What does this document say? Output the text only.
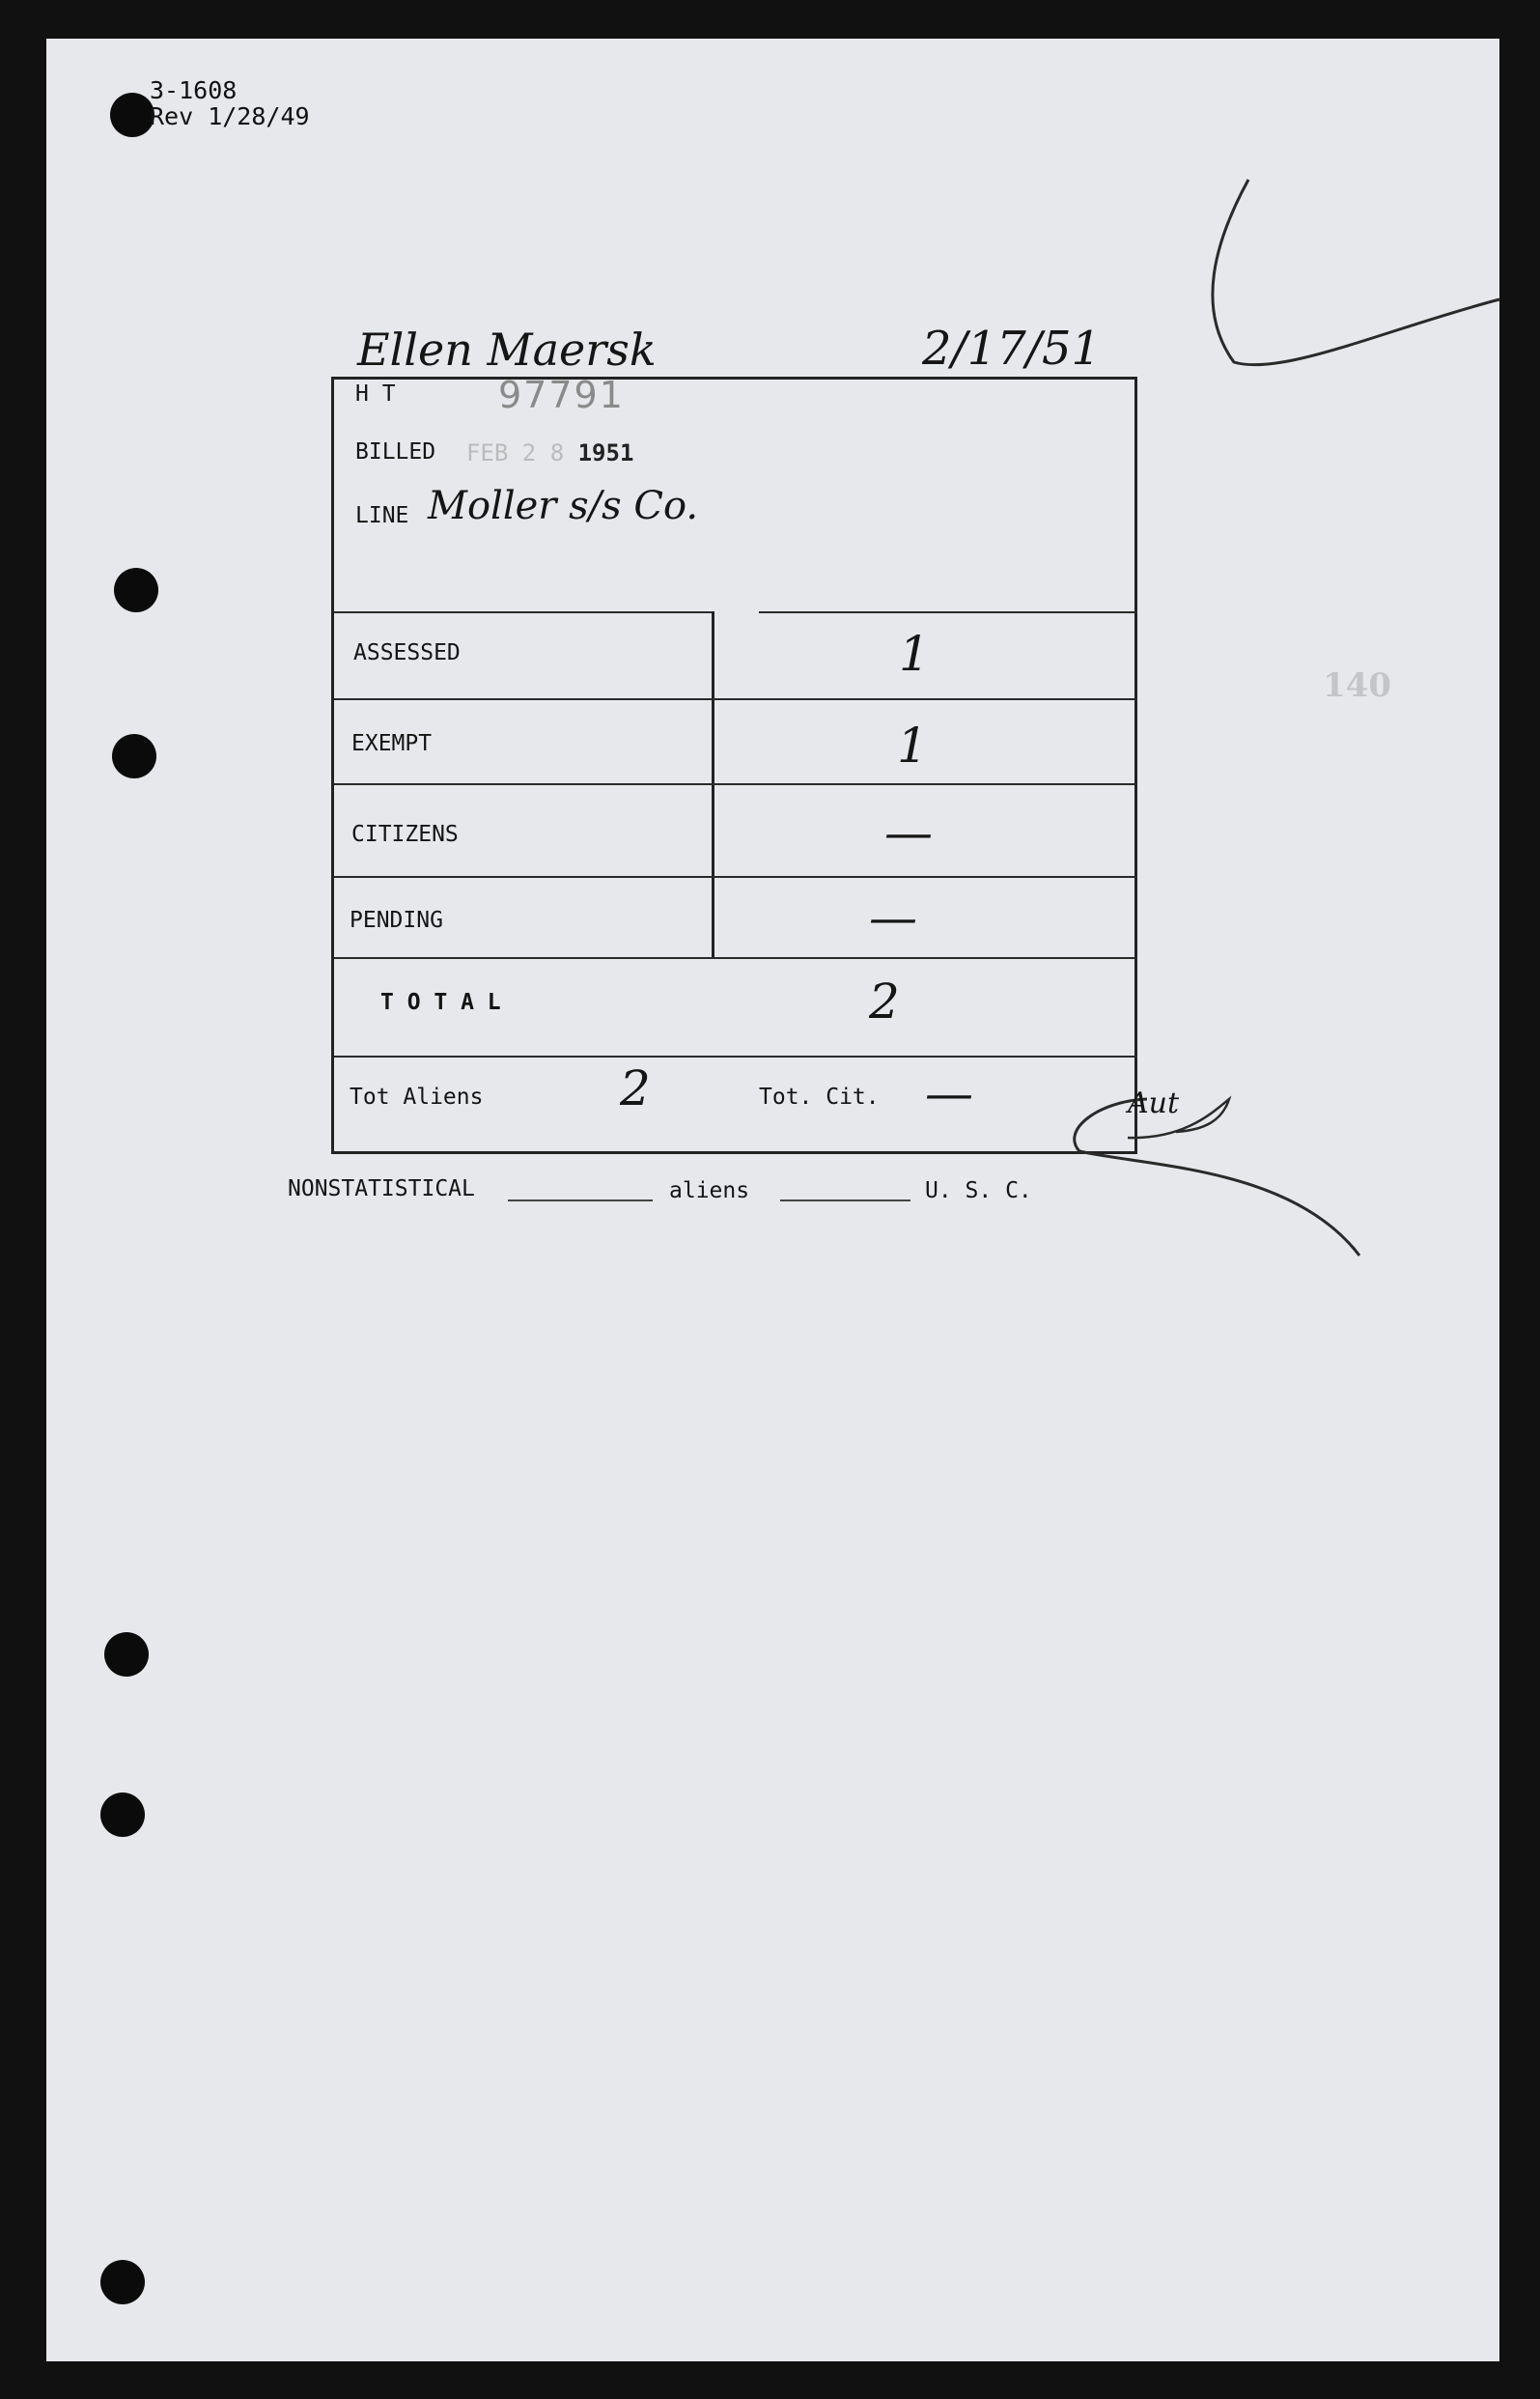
3-1608
Rev 1/28/49
Ellen Maersk	2/17/51
140
H T	97791
BILLED FEB 2 8 1951
LINE Moller s/s Co.
ASSESSED	1
EXEMPT	1
CITIZENS	—
PENDING	—
T O T A L	2
Tot Aliens	2	Tot. Cit. —	Aut
NONSTATISTICAL	aliens	U. S. C.
